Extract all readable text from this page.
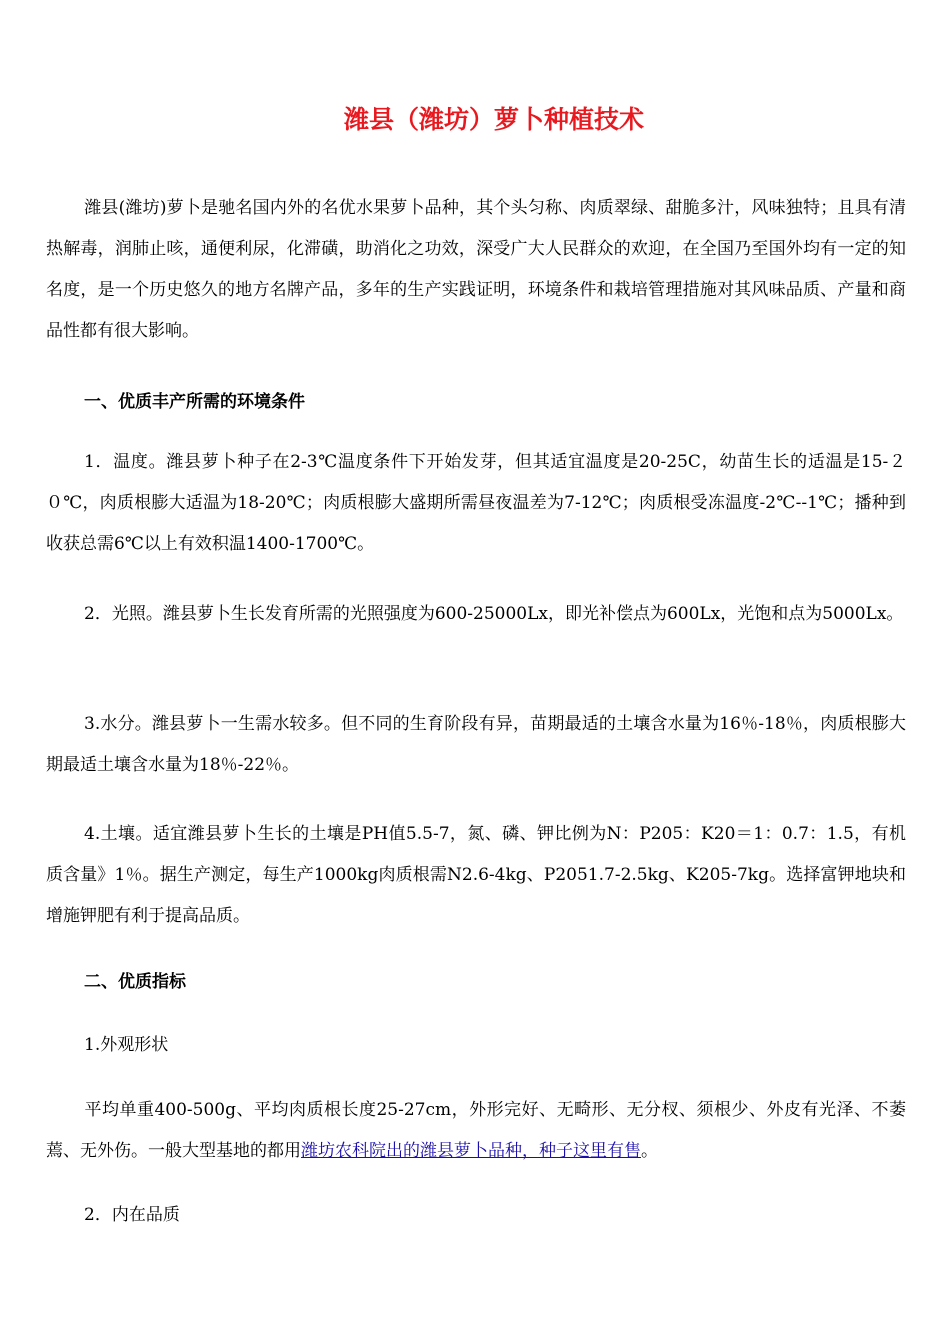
潍县（潍坊）萝卜种植技术

潍县(潍坊)萝卜是驰名国内外的名优水果萝卜品种，其个头匀称、肉质翠绿、甜脆多汁，风味独特；且具有清热解毒，润肺止咳，通便利尿，化滞磺，助消化之功效，深受广大人民群众的欢迎，在全国乃至国外均有一定的知名度，是一个历史悠久的地方名牌产品，多年的生产实践证明，环境条件和栽培管理措施对其风味品质、产量和商品性都有很大影响。

一、优质丰产所需的环境条件

1．温度。潍县萝卜种子在2-3℃温度条件下开始发芽，但其适宜温度是20-25C，幼苗生长的适温是15-２０℃，肉质根膨大适温为18-20℃；肉质根膨大盛期所需昼夜温差为7-12℃；肉质根受冻温度-2℃--1℃；播种到收获总需6℃以上有效积温1400-1700℃。

2．光照。潍县萝卜生长发育所需的光照强度为600-25000Lx，即光补偿点为600Lx，光饱和点为5000Lx。

3.水分。潍县萝卜一生需水较多。但不同的生育阶段有异，苗期最适的土壤含水量为16％-18％，肉质根膨大期最适土壤含水量为18％-22％。

4.土壤。适宜潍县萝卜生长的土壤是PH值5.5-7，氮、磷、钾比例为N：P205：K20＝1：0.7：1.5，有机质含量》1％。据生产测定，每生产1000kg肉质根需N2.6-4kg、P2051.7-2.5kg、K205-7kg。选择富钾地块和增施钾肥有利于提高品质。

二、优质指标

1.外观形状

平均单重400-500g、平均肉质根长度25-27cm，外形完好、无畸形、无分杈、须根少、外皮有光泽、不萎蔫、无外伤。一般大型基地的都用潍坊农科院出的潍县萝卜品种，种子这里有售。

2．内在品质
